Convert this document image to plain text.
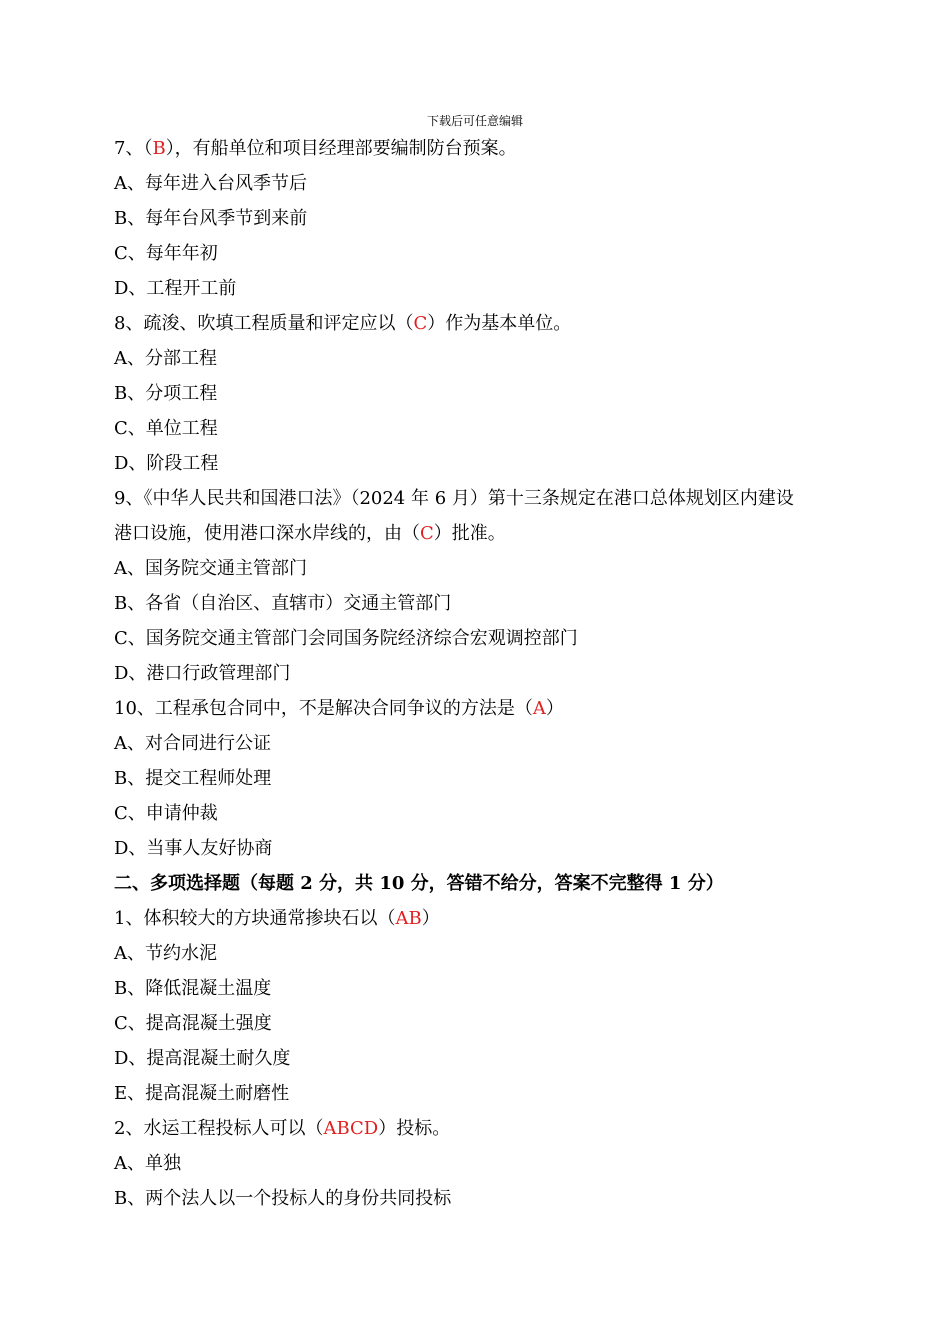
下载后可任意编辑
7、（B），有船单位和项目经理部要编制防台预案。
A、每年进入台风季节后
B、每年台风季节到来前
C、每年年初
D、工程开工前
8、疏浚、吹填工程质量和评定应以（C）作为基本单位。
A、分部工程
B、分项工程
C、单位工程
D、阶段工程
9、《中华人民共和国港口法》（2024 年 6 月）第十三条规定在港口总体规划区内建设
港口设施，使用港口深水岸线的，由（C）批准。
A、国务院交通主管部门
B、各省（自治区、直辖市）交通主管部门
C、国务院交通主管部门会同国务院经济综合宏观调控部门
D、港口行政管理部门
10、工程承包合同中，不是解决合同争议的方法是（A）
A、对合同进行公证
B、提交工程师处理
C、申请仲裁
D、当事人友好协商
二、多项选择题（每题 2 分，共 10 分，答错不给分，答案不完整得 1 分）
1、体积较大的方块通常掺块石以（AB）
A、节约水泥
B、降低混凝土温度
C、提高混凝土强度
D、提高混凝土耐久度
E、提高混凝土耐磨性
2、水运工程投标人可以（ABCD）投标。
A、单独
B、两个法人以一个投标人的身份共同投标
